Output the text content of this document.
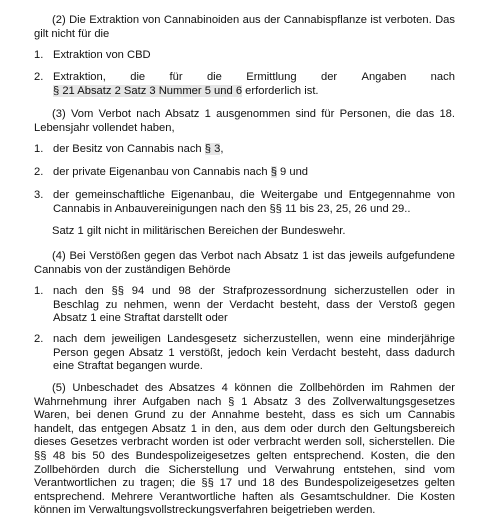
(2) Die Extraktion von Cannabinoiden aus der Cannabispflanze ist verboten. Das gilt nicht für die

1. Extraktion von CBD
2. Extraktion, die für die Ermittlung der Angaben nach
§ 21 Absatz 2 Satz 3 Nummer 5 und 6 erforderlich ist.

(3) Vom Verbot nach Absatz 1 ausgenommen sind für Personen, die das 18. Lebensjahr vollendet haben,

1. der Besitz von Cannabis nach § 3,
2. der private Eigenanbau von Cannabis nach § 9 und
3. der gemeinschaftliche Eigenanbau, die Weitergabe und Entgegennahme von Cannabis in Anbauvereinigungen nach den §§ 11 bis 23, 25, 26 und 29..

Satz 1 gilt nicht in militärischen Bereichen der Bundeswehr.

(4) Bei Verstößen gegen das Verbot nach Absatz 1 ist das jeweils aufgefundene Cannabis von der zuständigen Behörde

1. nach den §§ 94 und 98 der Strafprozessordnung sicherzustellen oder in Beschlag zu nehmen, wenn der Verdacht besteht, dass der Verstoß gegen Absatz 1 eine Straftat darstellt oder
2. nach dem jeweiligen Landesgesetz sicherzustellen, wenn eine minderjährige Person gegen Absatz 1 verstößt, jedoch kein Verdacht besteht, dass dadurch eine Straftat begangen wurde.

(5) Unbeschadet des Absatzes 4 können die Zollbehörden im Rahmen der Wahrnehmung ihrer Aufgaben nach § 1 Absatz 3 des Zollverwaltungsgesetzes Waren, bei denen Grund zu der Annahme besteht, dass es sich um Cannabis handelt, das entgegen Absatz 1 in den, aus dem oder durch den Geltungsbereich dieses Gesetzes verbracht worden ist oder verbracht werden soll, sicherstellen. Die §§ 48 bis 50 des Bundespolizeigesetzes gelten entsprechend. Kosten, die den Zollbehörden durch die Sicherstellung und Verwahrung entstehen, sind vom Verantwortlichen zu tragen; die §§ 17 und 18 des Bundespolizeigesetzes gelten entsprechend. Mehrere Verantwortliche haften als Gesamtschuldner. Die Kosten können im Verwaltungsvollstreckungsverfahren beigetrieben werden.
